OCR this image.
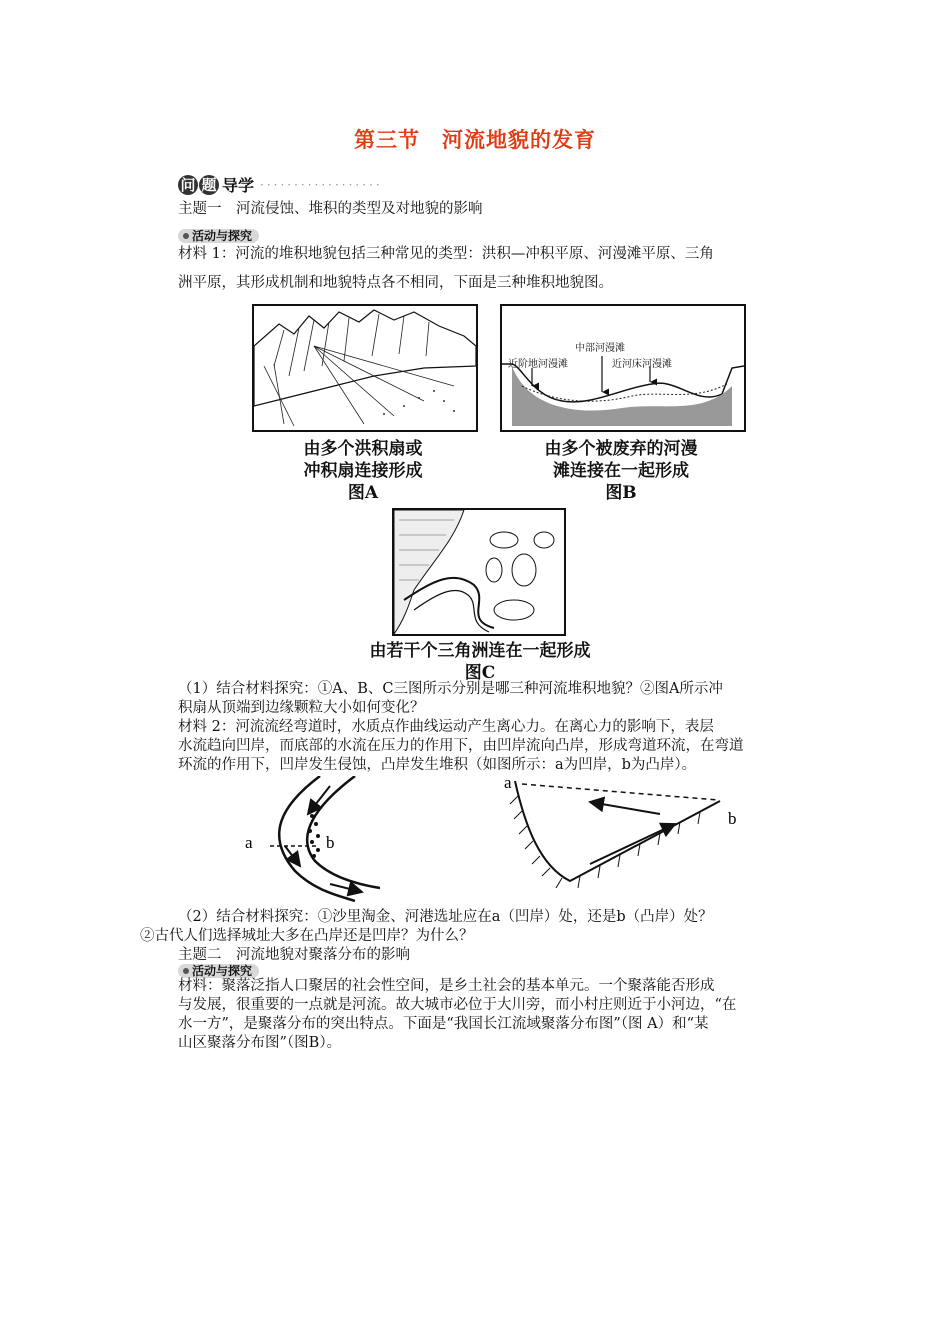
第三节　河流地貌的发育
问 题 导学 ··················
主题一　河流侵蚀、堆积的类型及对地貌的影响
活动与探究
材料 1：河流的堆积地貌包括三种常见的类型：洪积—冲积平原、河漫滩平原、三角
洲平原，其形成机制和地貌特点各不相同，下面是三种堆积地貌图。
由多个洪积扇或
冲积扇连接形成
图A
中部河漫滩
近阶地河漫滩	近河床河漫滩
由多个被废弃的河漫
滩连接在一起形成
图B
由若干个三角洲连在一起形成
图C
（1）结合材料探究：①A、B、C三图所示分别是哪三种河流堆积地貌？②图A所示冲
积扇从顶端到边缘颗粒大小如何变化？
材料 2：河流流经弯道时，水质点作曲线运动产生离心力。在离心力的影响下，表层
水流趋向凹岸，而底部的水流在压力的作用下，由凹岸流向凸岸，形成弯道环流，在弯道
环流的作用下，凹岸发生侵蚀，凸岸发生堆积（如图所示：a为凹岸，b为凸岸）。
a	b
a
b
（2）结合材料探究：①沙里淘金、河港选址应在a（凹岸）处，还是b（凸岸）处？
②古代人们选择城址大多在凸岸还是凹岸？为什么？
主题二　河流地貌对聚落分布的影响
活动与探究
材料：聚落泛指人口聚居的社会性空间，是乡土社会的基本单元。一个聚落能否形成
与发展，很重要的一点就是河流。故大城市必位于大川旁，而小村庄则近于小河边，“在
水一方”，是聚落分布的突出特点。下面是“我国长江流域聚落分布图”（图 A）和“某
山区聚落分布图”（图B）。
